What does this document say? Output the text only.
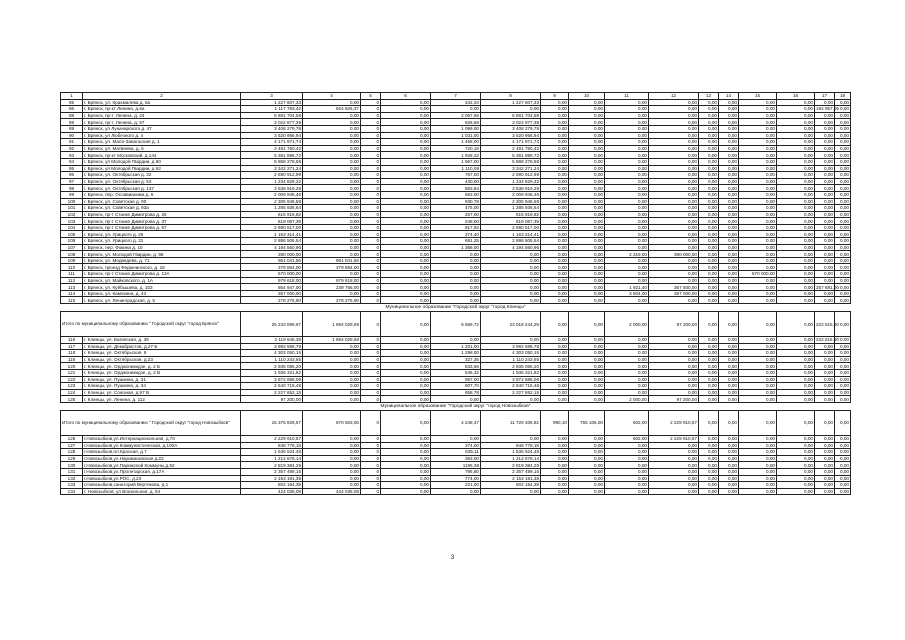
1	2	3	4	5	6	7	8	9	10	11	12	13	14	15	16	17	18
85	г. Брянск, ул. Крахмалева д. 6а	1 227 607,33	0,00	0	0,00	342,34	1 227 607,33	0,00	0,00	0,00	0,00	0,00	0,00	0,00	0,00	0,00	0,00
86	г. Брянск, пр-кт Ленина, д.6а	1 117 783,42	924 826,37	0	0,00	0,00	0,00	0,00	0,00	0,00	0,00	0,00	0,00	0,00	0,00	192 957,05	0,00
88	г. Брянск, пр-т. Ленина, д. 24	6 881 704,58	0,00	0	0,00	2 067,66	6 881 704,58	0,00	0,00	0,00	0,00	0,00	0,00	0,00	0,00	0,00	0,00
89	г. Брянск, пр-т. Ленина, д. 57	3 022 877,39	0,00	0	0,00	826,58	3 022 877,39	0,00	0,00	0,00	0,00	0,00	0,00	0,00	0,00	0,00	0,00
89	г. Брянск, ул Луначарского д. 47	3 408 279,78	0,00	0	0,00	1 099,00	3 408 279,78	0,00	0,00	0,00	0,00	0,00	0,00	0,00	0,00	0,00	0,00
90	г. Брянск, ул Любезного д. 4	3 520 956,94	0,00	0	0,00	1 031,00	3 520 956,94	0,00	0,00	0,00	0,00	0,00	0,00	0,00	0,00	0,00	0,00
91	г. Брянск, ул. Мало-Завальская д. 1	4 171 971,74	0,00	0	0,00	1 468,00	4 171 971,74	0,00	0,00	0,00	0,00	0,00	0,00	0,00	0,00	0,00	0,00
92	г. Брянск, ул. Матвеева, д. 6	2 491 750,42	0,00	0	0,00	720,16	2 491 750,42	0,00	0,00	0,00	0,00	0,00	0,00	0,00	0,00	0,00	0,00
93	г. Брянск, пр-кт Московский, д.144	5 381 896,72	0,00	0	0,00	1 928,22	5 381 896,72	0,00	0,00	0,00	0,00	0,00	0,00	0,00	0,00	0,00	0,00
94	г. Брянск, ул Молодой Гвардии, д 60	5 868 278,68	0,00	0	0,00	1 967,00	5 868 278,68	0,00	0,00	0,00	0,00	0,00	0,00	0,00	0,00	0,00	0,00
95	г. Брянск, ул Молодой Гвардии, д 62	3 342 271,24	0,00	0	0,00	1 110,08	3 342 271,24	0,00	0,00	0,00	0,00	0,00	0,00	0,00	0,00	0,00	0,00
96	г. Брянск, ул. Октябрьская д. 32	2 690 912,99	0,00	0	0,00	787,00	2 690 912,99	0,00	0,00	0,00	0,00	0,00	0,00	0,00	0,00	0,00	0,00
97	г. Брянск, ул. Октябрьская д. 53	1 234 829,32	0,00	0	0,00	430,00	1 234 829,32	0,00	0,00	0,00	0,00	0,00	0,00	0,00	0,00	0,00	0,00
98	г. Брянск, ул. Октябрьская д. 137	3 538 919,29	0,00	0	0,00	883,64	3 538 919,29	0,00	0,00	0,00	0,00	0,00	0,00	0,00	0,00	0,00	0,00
99	г. Брянск, пер. Осоавиахима д. 5	2 009 946,46	0,00	0	0,00	663,00	2 009 946,46	0,00	0,00	0,00	0,00	0,00	0,00	0,00	0,00	0,00	0,00
100	г. Брянск, ул. Советская д. 90	2 305 946,58	0,00	0	0,00	930,78	2 305 946,58	0,00	0,00	0,00	0,00	0,00	0,00	0,00	0,00	0,00	0,00
101	г. Брянск, ул. Советская д. 93а	1 285 936,64	0,00	0	0,00	475,00	1 285 936,64	0,00	0,00	0,00	0,00	0,00	0,00	0,00	0,00	0,00	0,00
102	г. Брянск, пр-т Станке Димитрова д. 25	615 919,82	0,00	0	0,00	257,00	615 919,82	0,00	0,00	0,00	0,00	0,00	0,00	0,00	0,00	0,00	0,00
103	г. Брянск, пр-т Станке Димитрова д. 37	619 067,39	0,00	0	0,00	248,00	619 067,39	0,00	0,00	0,00	0,00	0,00	0,00	0,00	0,00	0,00	0,00
104	г. Брянск, пр-т Станке Димитрова д. 57	2 690 517,00	0,00	0	0,00	917,92	2 690 517,00	0,00	0,00	0,00	0,00	0,00	0,00	0,00	0,00	0,00	0,00
105	г. Брянск, ул. Урицкого д. 25	1 163 314,41	0,00	0	0,00	374,40	1 163 314,41	0,00	0,00	0,00	0,00	0,00	0,00	0,00	0,00	0,00	0,00
106	г. Брянск, ул. Урицкого д. 31	2 886 506,54	0,00	0	0,00	691,25	2 886 506,54	0,00	0,00	0,00	0,00	0,00	0,00	0,00	0,00	0,00	0,00
107	г. Брянск, пер. Фокина д. 10	4 194 560,96	0,00	0	0,00	1 368,00	4 194 560,96	0,00	0,00	0,00	0,00	0,00	0,00	0,00	0,00	0,00	0,00
108	г. Брянск, ул. Молодой Гвардии, д. 98	390 000,00	0,00	0	0,00	0,00	0,00	0,00	0,00	2 319,00	390 000,00	0,00	0,00	0,00	0,00	0,00	0,00
109	г. Брянск, ул. Медведева, д. 71	961 041,56	961 041,56	0	0,00	0,00	0,00	0,00	0,00	0,00	0,00	0,00	0,00	0,00	0,00	0,00	0,00
110	г. Брянск, проезд Федюнинского, д. 18	379 884,00	379 884,00	0	0,00	0,00	0,00	0,00	0,00	0,00	0,00	0,00	0,00	0,00	0,00	0,00	0,00
111	г. Брянск, пр-т Станке Димитрова д. 13А	570 000,00	0,00	0	0,00	0,00	0,00	0,00	0,00	0,00	0,00	0,00	0,00	570 000,00	0,00	0,00	0,00
112	г. Брянск, ул. Майковского, д. 1А	979 618,00	979 618,00	0	0,00	0,00	0,00	0,00	0,00	0,00	0,00	0,00	0,00	0,00	0,00	0,00	0,00
113	г. Брянск, ул. Куйбышева, д. 103	864 947,00	239 766,00	0	0,00	0,00	0,00	0,00	0,00	1 921,40	367 500,00	0,00	0,00	0,00	0,00	257 681,00	0,00
114	г. Брянск, ул. Камозина, д. 43	357 000,00	0,00	0	0,00	0,00	0,00	0,00	0,00	3 604,00	357 000,00	0,00	0,00	0,00	0,00	0,00	0,00
115	г. Брянск, ул. Ленинградская, д. 5	278 275,90	278 275,90	0	0,00	0,00	0,00	0,00	0,00	0,00	0,00	0,00	0,00	0,00	0,00	0,00	0,00
Муниципальное образование "Городской округ "город Клинцы"																	
Итого по муниципальному образованию " Городской округ "город Брянск"		25 233 089,67	1 894 029,59	0	0,00	6 659,72	23 018 244,29	0,00	0,00	2 000,00	97 200,00	0,00	0,00	0,00	0,00	222 615,80	0,00
116	г. Клинцы, ул. Багинская, д. 39	2 119 645,38	1 894 029,58	0	0,00	0,00	0,00	0,00	0,00	0,00	0,00	0,00	0,00	0,00	0,00	222 615,80	0,00
117	г. Клинцы, ул. Декабристов, д.27 Б	3 992 588,78	0,00	0	0,00	1 201,00	3 992 588,78	0,00	0,00	0,00	0,00	0,00	0,00	0,00	0,00	0,00	0,00
118	г. Клинцы, ул. Октябрьская, 8	4 303 050,15	0,00	0	0,00	1 298,00	4 303 050,15	0,00	0,00	0,00	0,00	0,00	0,00	0,00	0,00	0,00	0,00
119	г. Клинцы, ул. Октябрьская, д.23	1 110 243,65	0,00	0	0,00	327,36	1 110 243,65	0,00	0,00	0,00	0,00	0,00	0,00	0,00	0,00	0,00	0,00
120	г. Клинцы, ул. Орджоникидзе, д. 2 Б	2 935 085,20	0,00	0	0,00	833,56	2 935 085,20	0,00	0,00	0,00	0,00	0,00	0,00	0,00	0,00	0,00	0,00
121	г. Клинцы, ул. Орджоникидзе, д. 2 В	1 936 321,82	0,00	0	0,00	546,32	1 936 321,82	0,00	0,00	0,00	0,00	0,00	0,00	0,00	0,00	0,00	0,00
122	г. Клинцы, ул. Пушкина, д. 31	3 872 686,06	0,00	0	0,00	987,00	3 872 686,06	0,00	0,00	0,00	0,00	0,00	0,00	0,00	0,00	0,00	0,00
123	г. Клинцы, ул. Пушкина, д. 34	2 640 715,48	0,00	0	0,00	907,70	2 640 715,48	0,00	0,00	0,00	0,00	0,00	0,00	0,00	0,00	0,00	0,00
124	г. Клинцы, ул. Союзная, д.97 В	2 227 652,15	0,00	0	0,00	658,78	2 227 652,15	0,00	0,00	0,00	0,00	0,00	0,00	0,00	0,00	0,00	0,00
125	г. Клинцы, ул. Ленина, д. 112	97 200,00	0,00	0	0,00	0,00	0,00	0,00	0,00	2 000,00	97 200,00	0,00	0,00	0,00	0,00	0,00	0,00
Муниципальное образование "Городской округ "город Новозыбков"																	
Итого по муниципальному образованию " Городской округ "город Новозыбков"		15 375 929,57	670 503,06	0	0,00	4 248,47	11 729 406,82	990,10	755 106,00	602,00	2 229 910,67	0,00	0,00	0,00	0,00	0,00	0,00
126	г.Новозыбков,ул.Интернациональная, д.70	2 229 910,67	0,00	0	0,00	0,00	0,00	0,00	0,00	602,00	2 229 910,67	0,00	0,00	0,00	0,00	0,00	0,00
127	г.Новозыбков,ул.Коммунистическая, д.100А	848 778,18	0,00	0	0,00	374,00	848 778,18	0,00	0,00	0,00	0,00	0,00	0,00	0,00	0,00	0,00	0,00
128	г.Новозыбков,пл.Красная, д.7	1 536 524,48	0,00	0	0,00	635,11	1 536 524,48	0,00	0,00	0,00	0,00	0,00	0,00	0,00	0,00	0,00	0,00
129	г.Новозыбков,ул.Наримановская д.22	1 212 678,14	0,00	0	0,00	353,00	1 212 678,14	0,00	0,00	0,00	0,00	0,00	0,00	0,00	0,00	0,00	0,00
130	г.Новозыбков,ул.Парижской Коммуны,д.52	2 819 384,29	0,00	0	0,00	1195,38	2 819 384,29	0,00	0,00	0,00	0,00	0,00	0,00	0,00	0,00	0,00	0,00
131	г.Новозыбков,ул.Пролетарская, д.17А	2 357 499,15	0,00	0	0,00	795,80	2 357 499,15	0,00	0,00	0,00	0,00	0,00	0,00	0,00	0,00	0,00	0,00
132	г.Новозыбков,ул.РОС, д.23	2 153 191,38	0,00	0	0,00	774,00	2 153 191,38	0,00	0,00	0,00	0,00	0,00	0,00	0,00	0,00	0,00	0,00
133	г.Новозыбков,санаторий Вертякова, д.1	802 154,39	0,00	0	0,00	221,00	802 154,39	0,00	0,00	0,00	0,00	0,00	0,00	0,00	0,00	0,00	0,00
134	г. Новозыбков, ул Вокзальная, д. 54	424 035,08	424 035,08	0	0,00	0,00	0,00	0,00	0,00	0,00	0,00	0,00	0,00	0,00	0,00	0,00	0,00
3
